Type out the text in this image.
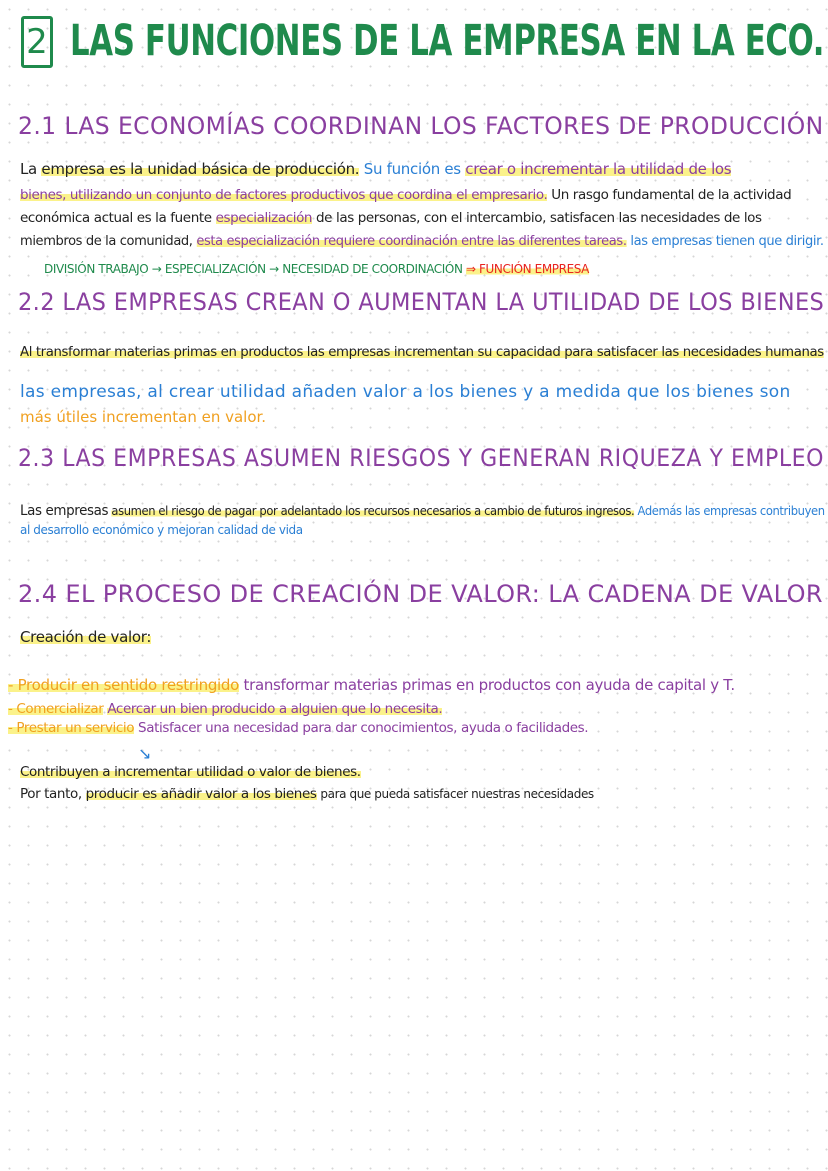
2 LAS FUNCIONES DE LA EMPRESA EN LA ECO.
2.1 LAS ECONOMÍAS COORDINAN LOS FACTORES DE PRODUCCIÓN
La empresa es la unidad básica de producción. Su función es crear o incrementar la utilidad de los
bienes, utilizando un conjunto de factores productivos que coordina el empresario. Un rasgo fundamental de la actividad
económica actual es la fuente especialización de las personas, con el intercambio, satisfacen las necesidades de los
miembros de la comunidad, esta especialización requiere coordinación entre las diferentes tareas. las empresas tienen que dirigir.
DIVISIÓN TRABAJO → ESPECIALIZACIÓN → NECESIDAD DE COORDINACIÓN ⇒ FUNCIÓN EMPRESA
2.2 LAS EMPRESAS CREAN O AUMENTAN LA UTILIDAD DE LOS BIENES
Al transformar materias primas en productos las empresas incrementan su capacidad para satisfacer las necesidades humanas
las empresas, al crear utilidad añaden valor a los bienes y a medida que los bienes son
más útiles incrementan en valor.
2.3 LAS EMPRESAS ASUMEN RIESGOS Y GENERAN RIQUEZA Y EMPLEO
Las empresas asumen el riesgo de pagar por adelantado los recursos necesarios a cambio de futuros ingresos. Además las empresas contribuyen
al desarrollo económico y mejoran calidad de vida
2.4 EL PROCESO DE CREACIÓN DE VALOR: LA CADENA DE VALOR
Creación de valor:
- Producir en sentido restringido transformar materias primas en productos con ayuda de capital y T.
- Comercializar Acercar un bien producido a alguien que lo necesita.
- Prestar un servicio Satisfacer una necesidad para dar conocimientos, ayuda o facilidades.
↘
Contribuyen a incrementar utilidad o valor de bienes.
Por tanto, producir es añadir valor a los bienes para que pueda satisfacer nuestras necesidades
